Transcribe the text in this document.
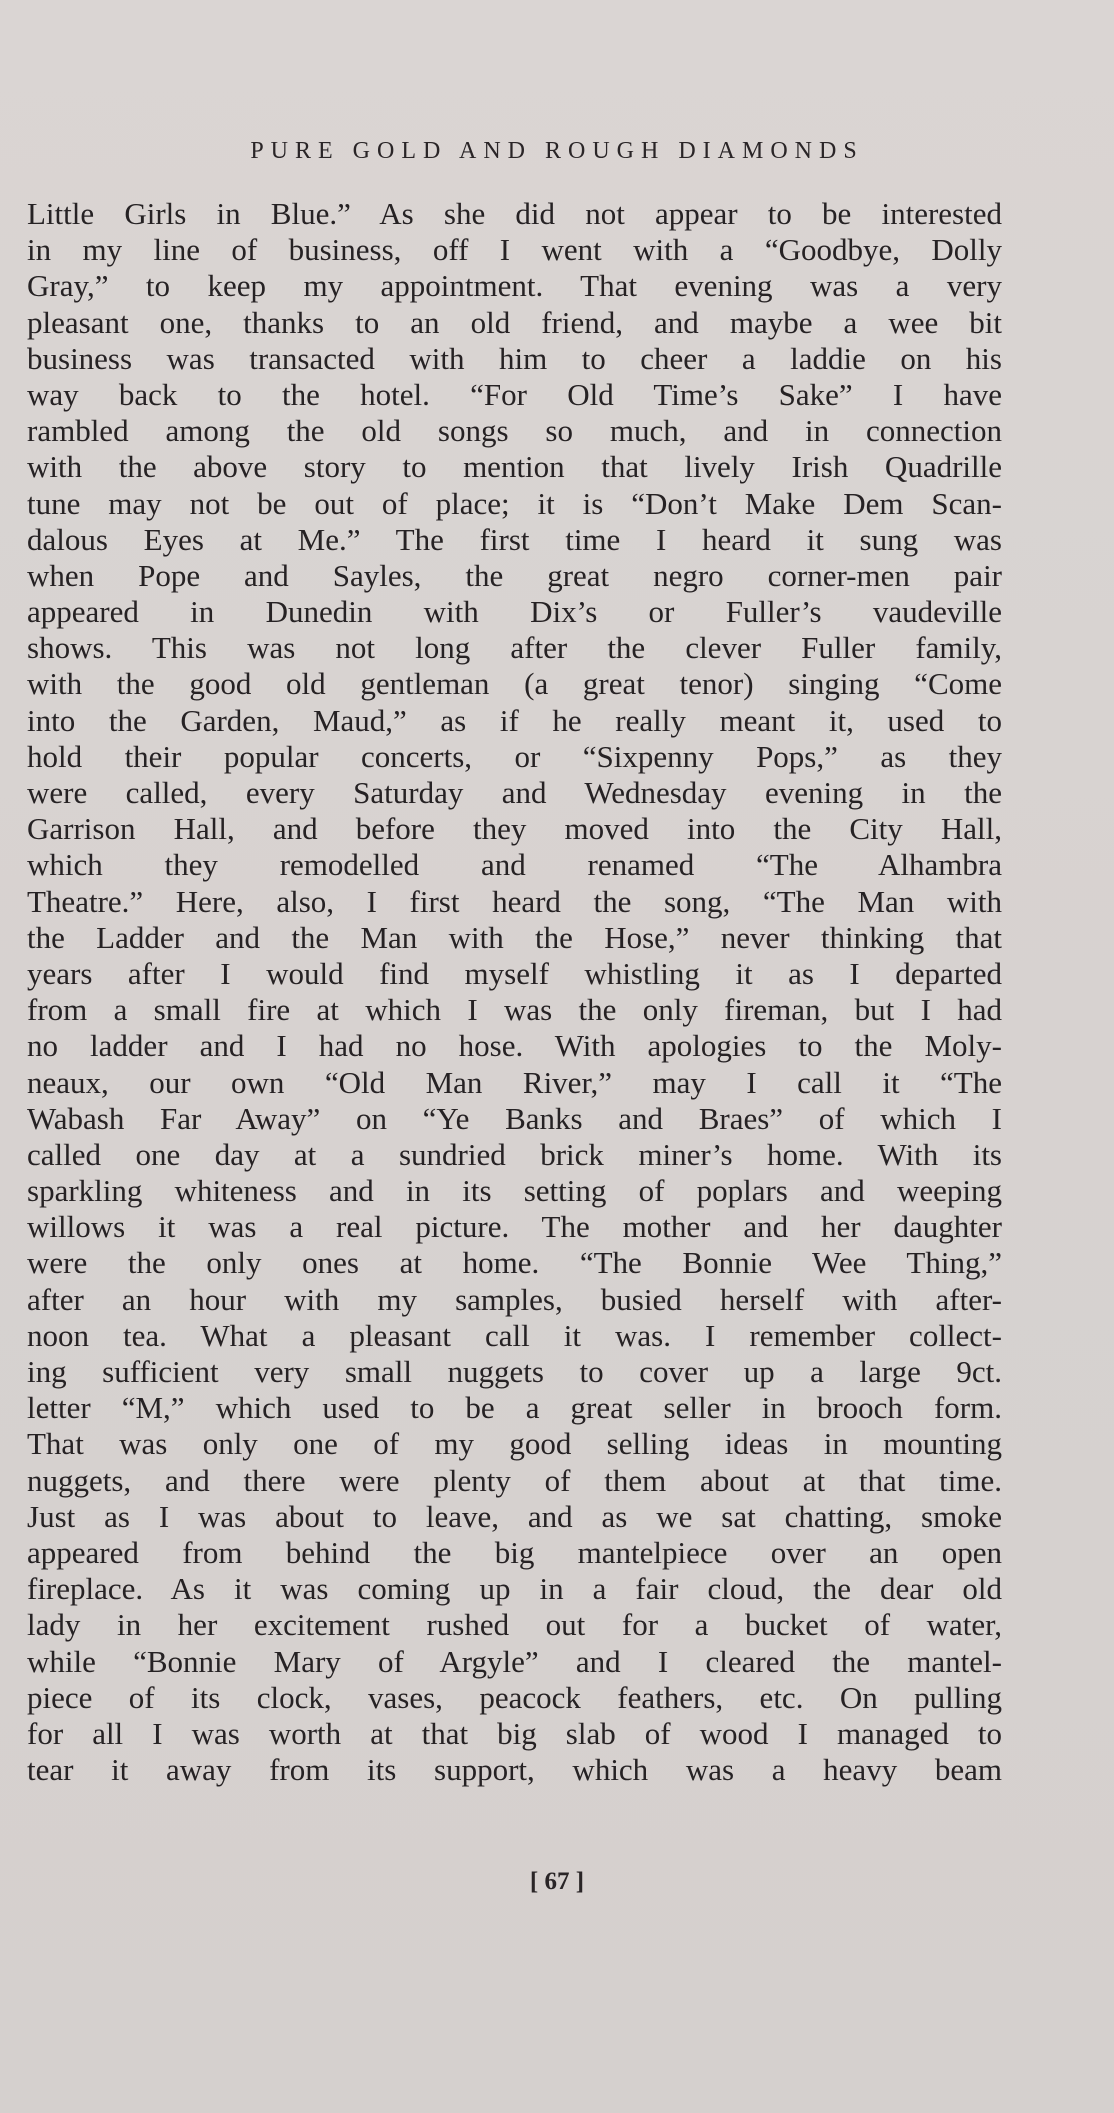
PURE GOLD AND ROUGH DIAMONDS
Little Girls in Blue.” As she did not appear to be interested
in my line of business, off I went with a “Goodbye, Dolly
Gray,” to keep my appointment. That evening was a very
pleasant one, thanks to an old friend, and maybe a wee bit
business was transacted with him to cheer a laddie on his
way back to the hotel. “For Old Time’s Sake” I have
rambled among the old songs so much, and in connection
with the above story to mention that lively Irish Quadrille
tune may not be out of place; it is “Don’t Make Dem Scan-
dalous Eyes at Me.” The first time I heard it sung was
when Pope and Sayles, the great negro corner-men pair
appeared in Dunedin with Dix’s or Fuller’s vaudeville
shows. This was not long after the clever Fuller family,
with the good old gentleman (a great tenor) singing “Come
into the Garden, Maud,” as if he really meant it, used to
hold their popular concerts, or “Sixpenny Pops,” as they
were called, every Saturday and Wednesday evening in the
Garrison Hall, and before they moved into the City Hall,
which they remodelled and renamed “The Alhambra
Theatre.” Here, also, I first heard the song, “The Man with
the Ladder and the Man with the Hose,” never thinking that
years after I would find myself whistling it as I departed
from a small fire at which I was the only fireman, but I had
no ladder and I had no hose. With apologies to the Moly-
neaux, our own “Old Man River,” may I call it “The
Wabash Far Away” on “Ye Banks and Braes” of which I
called one day at a sundried brick miner’s home. With its
sparkling whiteness and in its setting of poplars and weeping
willows it was a real picture. The mother and her daughter
were the only ones at home. “The Bonnie Wee Thing,”
after an hour with my samples, busied herself with after-
noon tea. What a pleasant call it was. I remember collect-
ing sufficient very small nuggets to cover up a large 9ct.
letter “M,” which used to be a great seller in brooch form.
That was only one of my good selling ideas in mounting
nuggets, and there were plenty of them about at that time.
Just as I was about to leave, and as we sat chatting, smoke
appeared from behind the big mantelpiece over an open
fireplace. As it was coming up in a fair cloud, the dear old
lady in her excitement rushed out for a bucket of water,
while “Bonnie Mary of Argyle” and I cleared the mantel-
piece of its clock, vases, peacock feathers, etc. On pulling
for all I was worth at that big slab of wood I managed to
tear it away from its support, which was a heavy beam
[ 67 ]
